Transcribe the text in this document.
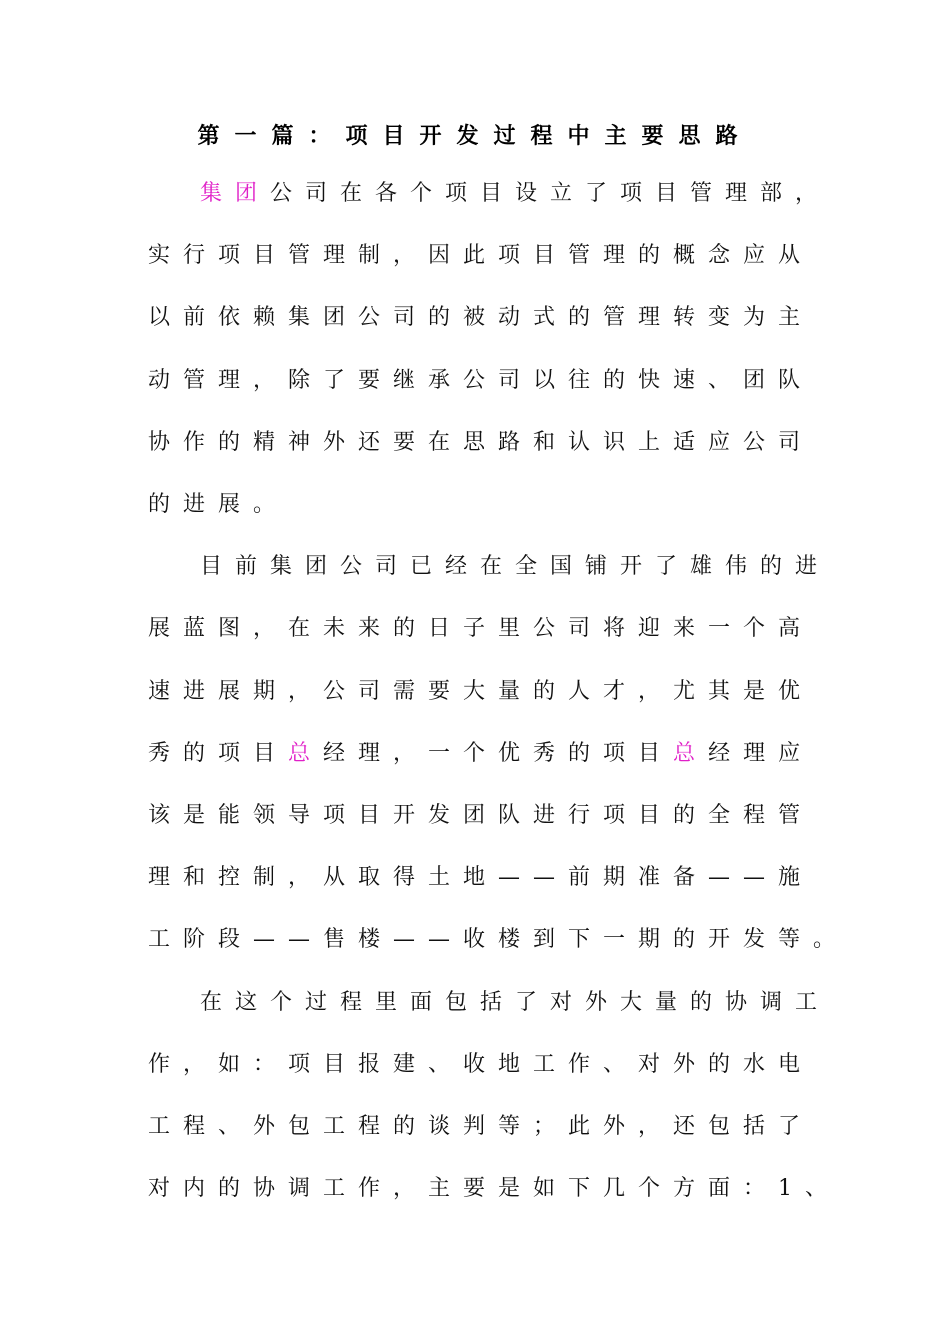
第一篇：项目开发过程中主要思路
集团公司在各个项目设立了项目管理部，
实行项目管理制，因此项目管理的概念应从
以前依赖集团公司的被动式的管理转变为主
动管理，除了要继承公司以往的快速、团队
协作的精神外还要在思路和认识上适应公司
的进展。
目前集团公司已经在全国铺开了雄伟的进
展蓝图，在未来的日子里公司将迎来一个高
速进展期，公司需要大量的人才，尤其是优
秀的项目总经理，一个优秀的项目总经理应
该是能领导项目开发团队进行项目的全程管
理和控制，从取得土地——前期准备——施
工阶段——售楼——收楼到下一期的开发等。
在这个过程里面包括了对外大量的协调工
作，如：项目报建、收地工作、对外的水电
工程、外包工程的谈判等；此外，还包括了
对内的协调工作，主要是如下几个方面：1、
